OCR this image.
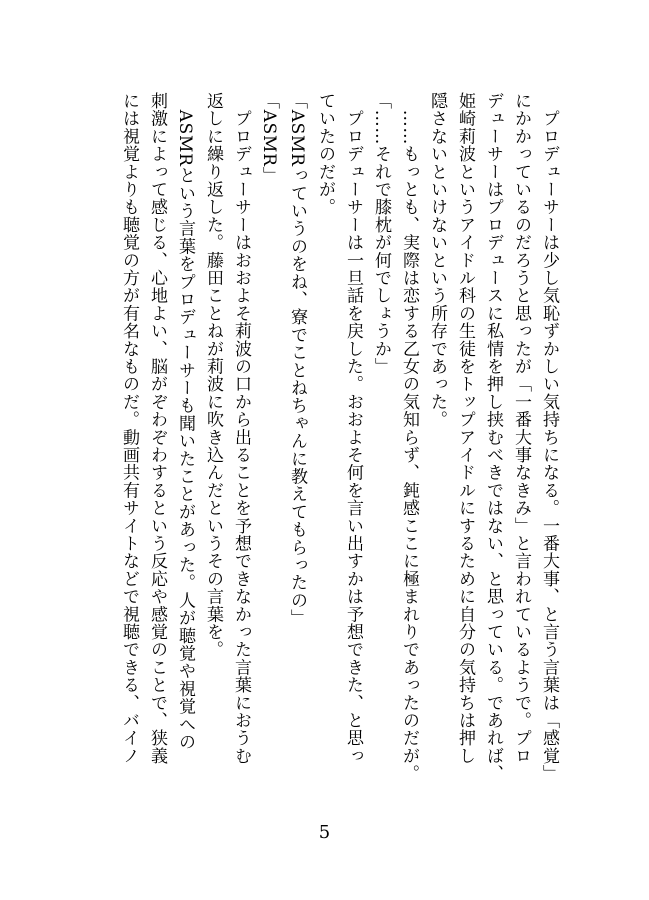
　プロデューサーは少し気恥ずかしい気持ちになる。一番大事、と言う言葉は「感覚」

にかかっているのだろうと思ったが「一番大事なきみ」と言われているようで。プロ

デューサーはプロデュースに私情を押し挟むべきではない、と思っている。であれば、

姫崎莉波というアイドル科の生徒をトップアイドルにするために自分の気持ちは押し

隠さないといけないという所存であった。

　……もっとも、実際は恋する乙女の気知らず、鈍感ここに極まれりであったのだが。

「……それで膝枕が何でしょうか」

　プロデューサーは一旦話を戻した。おおよそ何を言い出すかは予想できた、と思っ

ていたのだが。

「ASMRっていうのをね、寮でことねちゃんに教えてもらったの」

「ASMR」

　プロデューサーはおおよそ莉波の口から出ることを予想できなかった言葉におうむ

返しに繰り返した。藤田ことねが莉波に吹き込んだというその言葉を。

　ASMRという言葉をプロデューサーも聞いたことがあった。人が聴覚や視覚への

刺激によって感じる、心地よい、脳がぞわぞわするという反応や感覚のことで、狭義

には視覚よりも聴覚の方が有名なものだ。動画共有サイトなどで視聴できる、バイノ

5
